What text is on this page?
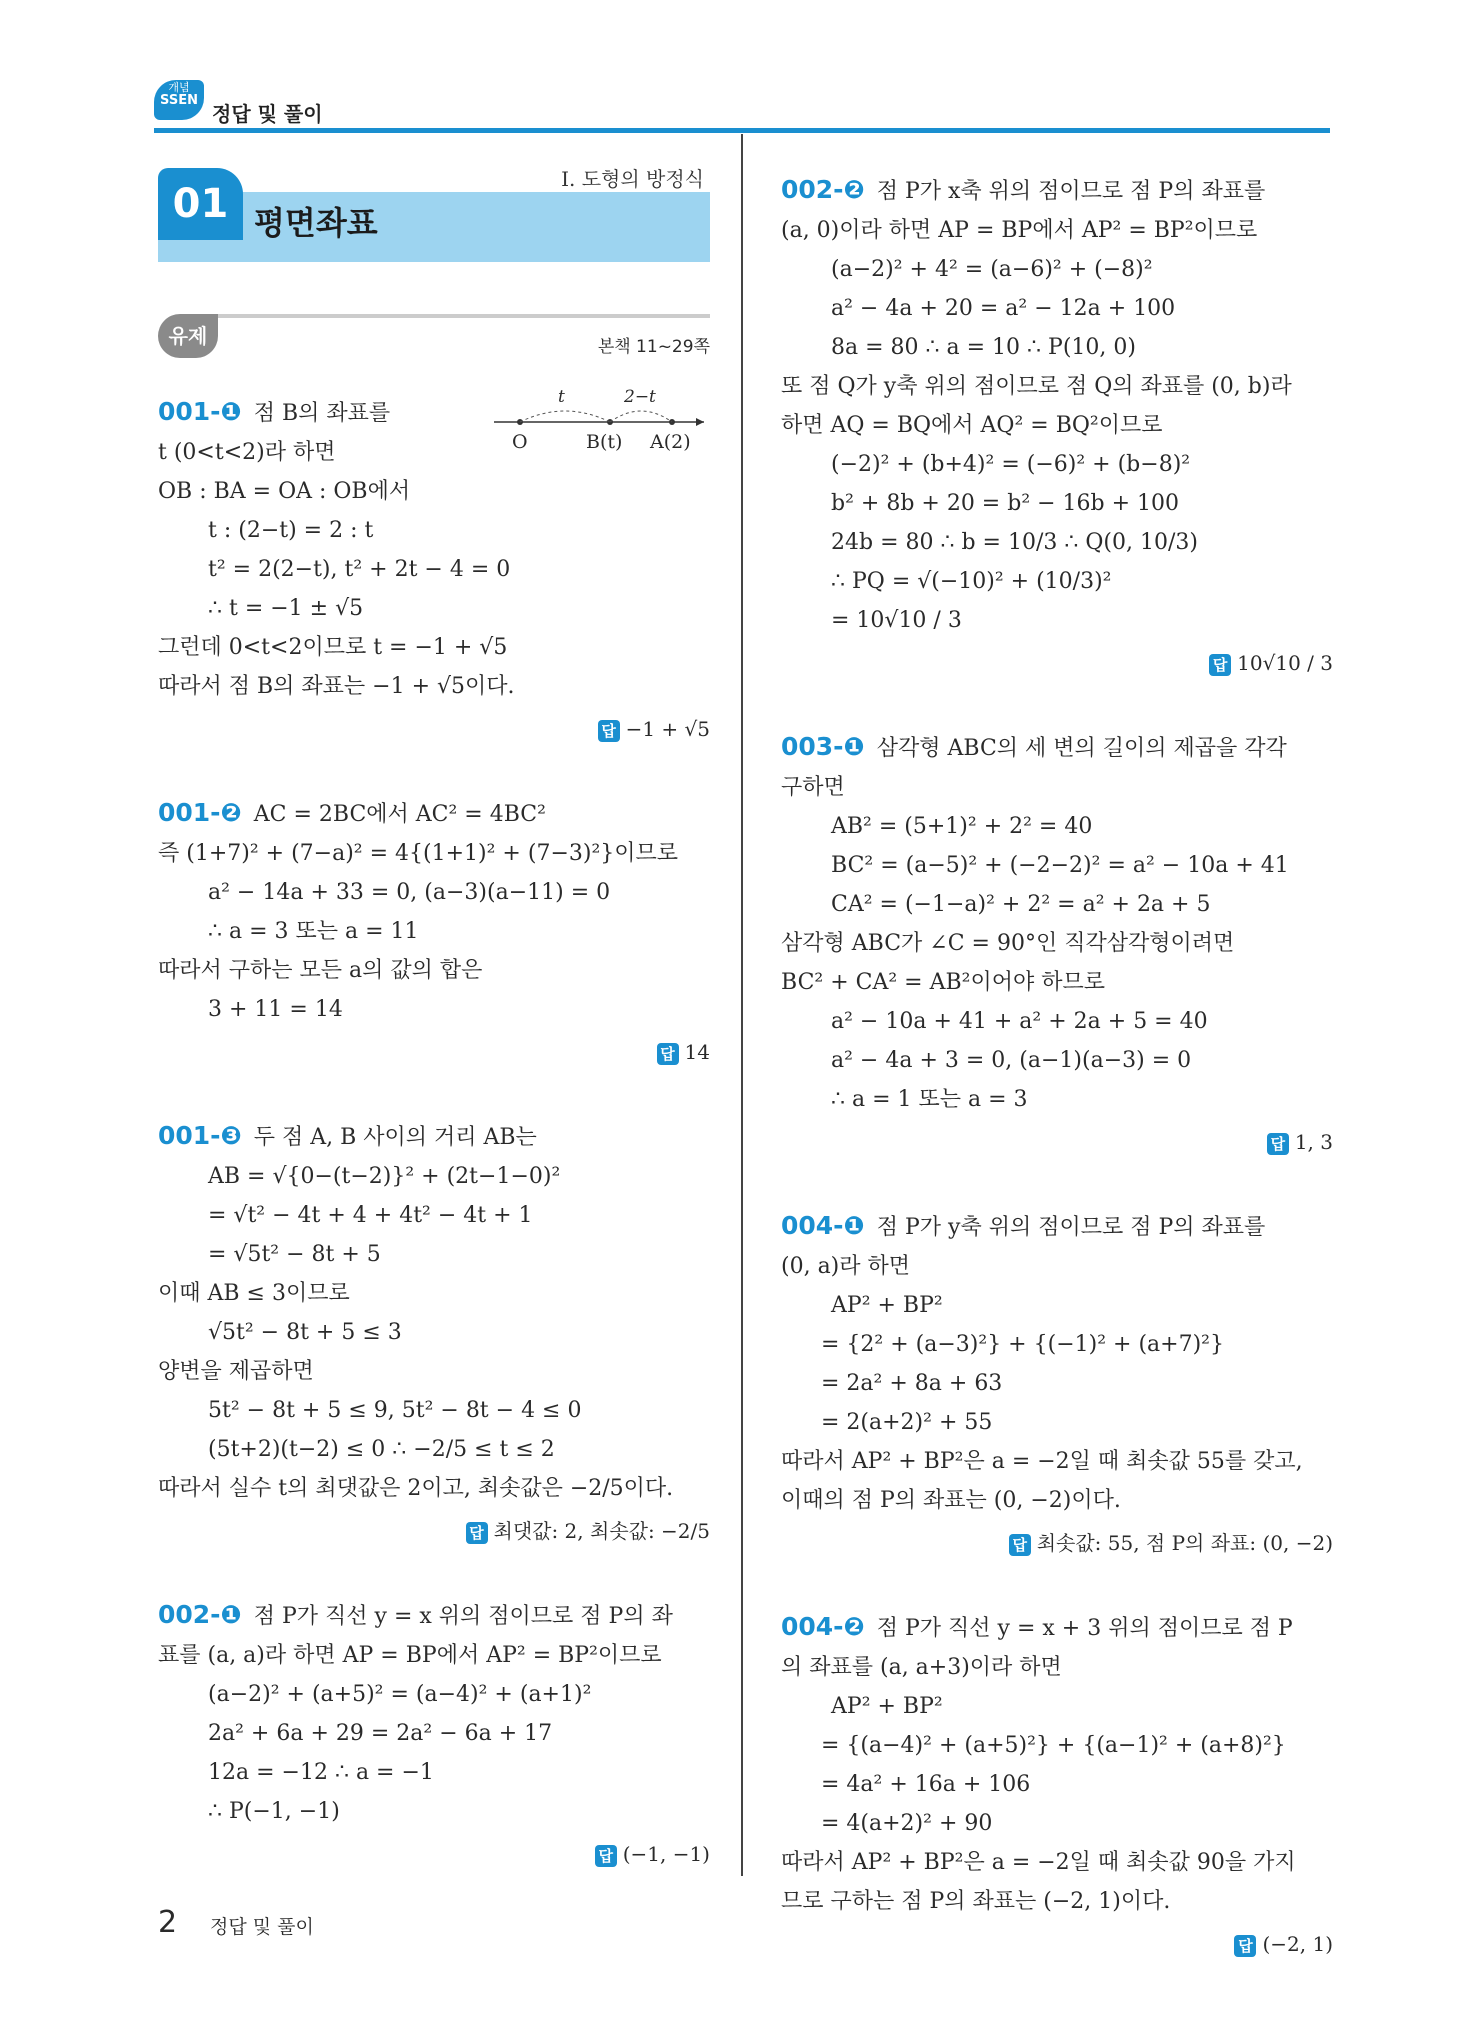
개념
SSEN
정답 및 풀이
01 평면좌표
I. 도형의 방정식
유제	본책 11~29쪽
001-❶ 점 B의 좌표를
t (0<t<2)라 하면
OB : BA = OA : OB에서
t : (2−t) = 2 : t
t² = 2(2−t), t² + 2t − 4 = 0
∴ t = −1 ± √5
그런데 0<t<2이므로 t = −1 + √5
따라서 점 B의 좌표는 −1 + √5이다.
답 −1 + √5
001-❷ AC = 2BC에서 AC² = 4BC²
즉 (1+7)² + (7−a)² = 4{(1+1)² + (7−3)²}이므로
a² − 14a + 33 = 0, (a−3)(a−11) = 0
∴ a = 3 또는 a = 11
따라서 구하는 모든 a의 값의 합은
3 + 11 = 14
답 14
001-❸ 두 점 A, B 사이의 거리 AB는
AB = √{0−(t−2)}² + (2t−1−0)²
= √t² − 4t + 4 + 4t² − 4t + 1
= √5t² − 8t + 5
이때 AB ≤ 3이므로
√5t² − 8t + 5 ≤ 3
양변을 제곱하면
5t² − 8t + 5 ≤ 9, 5t² − 8t − 4 ≤ 0
(5t+2)(t−2) ≤ 0 ∴ −2/5 ≤ t ≤ 2
따라서 실수 t의 최댓값은 2이고, 최솟값은 −2/5이다.
답 최댓값: 2, 최솟값: −2/5
002-❶ 점 P가 직선 y = x 위의 점이므로 점 P의 좌
표를 (a, a)라 하면 AP = BP에서 AP² = BP²이므로
(a−2)² + (a+5)² = (a−4)² + (a+1)²
2a² + 6a + 29 = 2a² − 6a + 17
12a = −12 ∴ a = −1
∴ P(−1, −1)
답 (−1, −1)
O	B(t) A(2)
t	2−t
002-❷ 점 P가 x축 위의 점이므로 점 P의 좌표를
(a, 0)이라 하면 AP = BP에서 AP² = BP²이므로
(a−2)² + 4² = (a−6)² + (−8)²
a² − 4a + 20 = a² − 12a + 100
8a = 80 ∴ a = 10 ∴ P(10, 0)
또 점 Q가 y축 위의 점이므로 점 Q의 좌표를 (0, b)라
하면 AQ = BQ에서 AQ² = BQ²이므로
(−2)² + (b+4)² = (−6)² + (b−8)²
b² + 8b + 20 = b² − 16b + 100
24b = 80 ∴ b = 10/3 ∴ Q(0, 10/3)
∴ PQ = √(−10)² + (10/3)²
= 10√10 / 3
답 10√10 / 3
003-❶ 삼각형 ABC의 세 변의 길이의 제곱을 각각
구하면
AB² = (5+1)² + 2² = 40
BC² = (a−5)² + (−2−2)² = a² − 10a + 41
CA² = (−1−a)² + 2² = a² + 2a + 5
삼각형 ABC가 ∠C = 90°인 직각삼각형이려면
BC² + CA² = AB²이어야 하므로
a² − 10a + 41 + a² + 2a + 5 = 40
a² − 4a + 3 = 0, (a−1)(a−3) = 0
∴ a = 1 또는 a = 3
답 1, 3
004-❶ 점 P가 y축 위의 점이므로 점 P의 좌표를
(0, a)라 하면
AP² + BP²
= {2² + (a−3)²} + {(−1)² + (a+7)²}
= 2a² + 8a + 63
= 2(a+2)² + 55
따라서 AP² + BP²은 a = −2일 때 최솟값 55를 갖고,
이때의 점 P의 좌표는 (0, −2)이다.
답 최솟값: 55, 점 P의 좌표: (0, −2)
004-❷ 점 P가 직선 y = x + 3 위의 점이므로 점 P
의 좌표를 (a, a+3)이라 하면
AP² + BP²
= {(a−4)² + (a+5)²} + {(a−1)² + (a+8)²}
= 4a² + 16a + 106
= 4(a+2)² + 90
따라서 AP² + BP²은 a = −2일 때 최솟값 90을 가지
므로 구하는 점 P의 좌표는 (−2, 1)이다.
답 (−2, 1)
2 정답 및 풀이
